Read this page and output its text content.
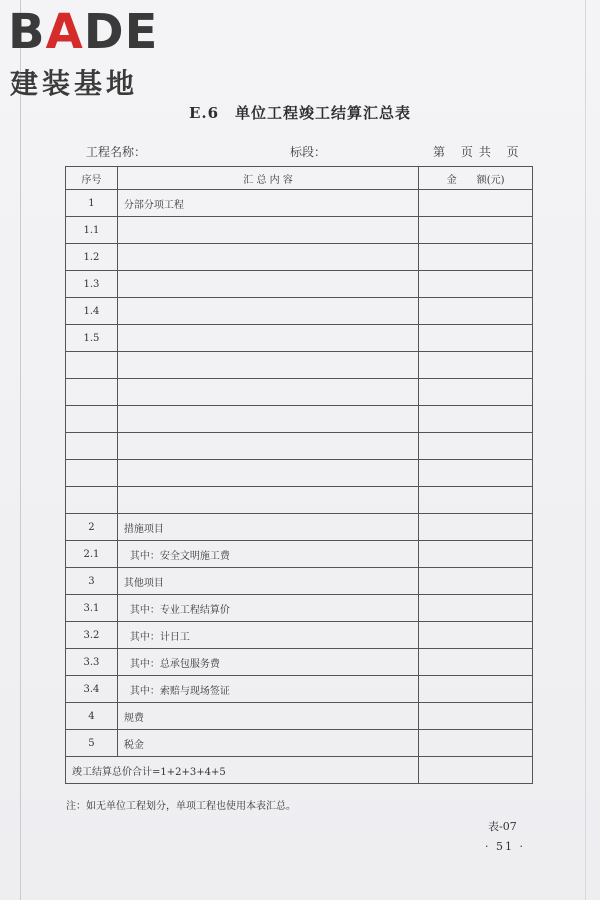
BADE
建装基地
E.6　单位工程竣工结算汇总表
工程名称：	标段：	第 页共 页
序号	汇 总 内 容	金　　额(元)
1	分部分项工程	
1.1		
1.2		
1.3		
1.4		
1.5		

2	措施项目	
2.1	其中：安全文明施工费	
3	其他项目	
3.1	其中：专业工程结算价	
3.2	其中：计日工	
3.3	其中：总承包服务费	
3.4	其中：索赔与现场签证	
4	规费	
5	税金	
竣工结算总价合计=1+2+3+4+5		
注：如无单位工程划分，单项工程也使用本表汇总。
表-07
· 51 ·
